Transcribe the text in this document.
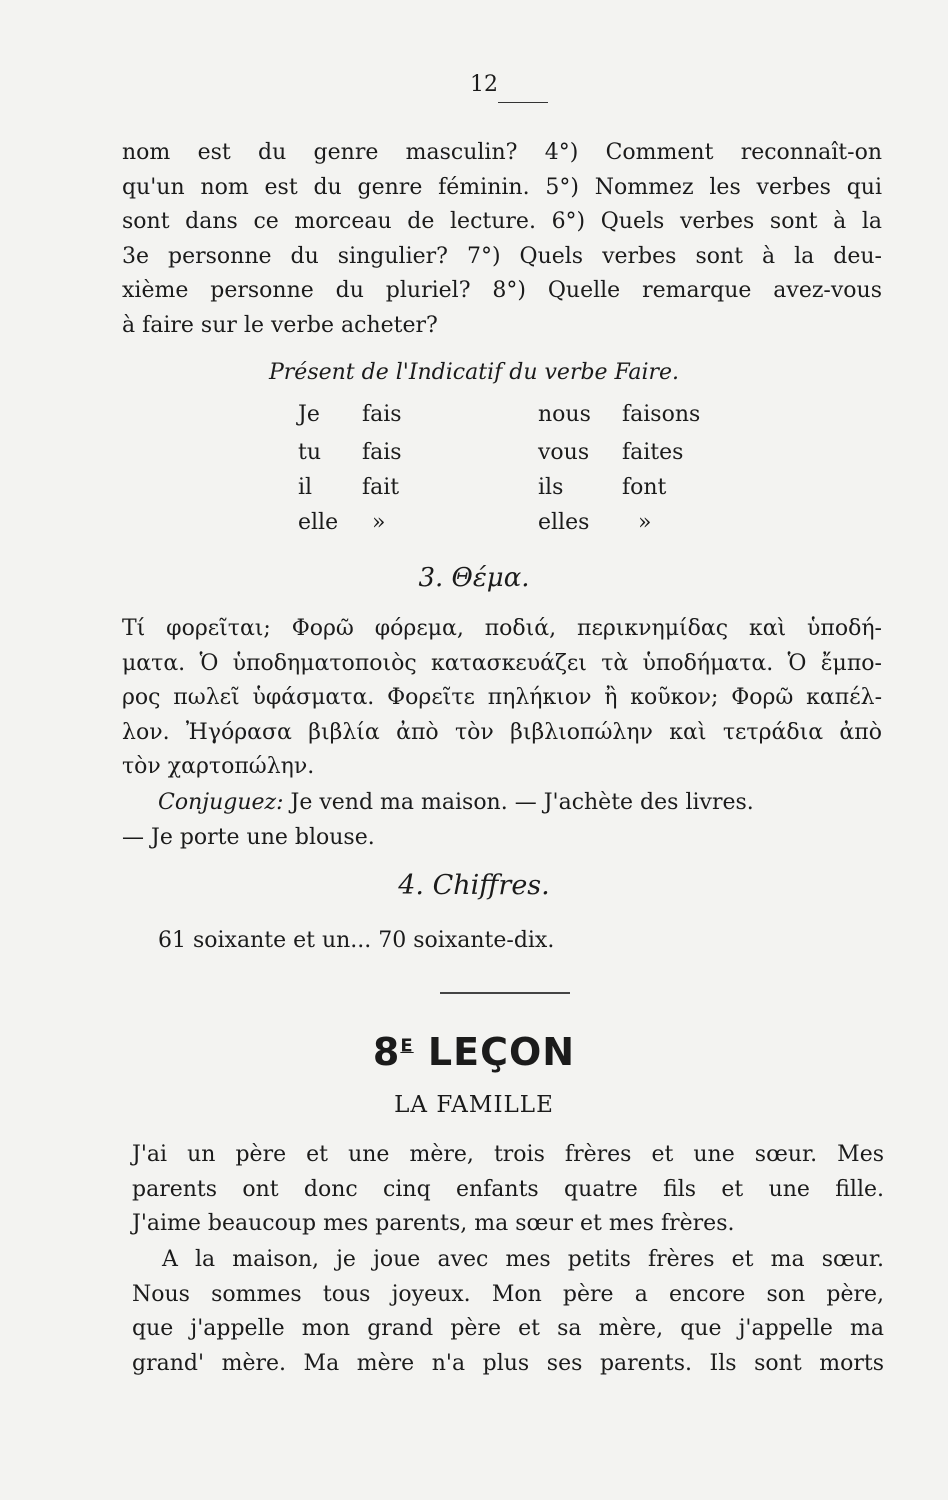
12

nom est du genre masculin? 4°) Comment reconnaît-on

qu'un nom est du genre féminin. 5°) Nommez les verbes qui

sont dans ce morceau de lecture. 6°) Quels verbes sont à la

3e personne du singulier? 7°) Quels verbes sont à la deu-

xième personne du pluriel? 8°) Quelle remarque avez-vous

à faire sur le verbe acheter?

Présent de l'Indicatif du verbe Faire.
Je fais	nous faisons
tu fais	vous faites
il fait	ils	font
elle »	elles »
3. Θέμα.

Τί φορεῖται; Φορῶ φόρεμα, ποδιά, περικνημίδας καὶ ὑποδή-

ματα. Ὁ ὑποδηματοποιὸς κατασκευάζει τὰ ὑποδήματα. Ὁ ἔμπο-

ρος πωλεῖ ὑφάσματα. Φορεῖτε πηλήκιον ἢ κοῦκον; Φορῶ καπέλ-

λον. Ἠγόρασα βιβλία ἀπὸ τὸν βιβλιοπώλην καὶ τετράδια ἀπὸ

τὸν χαρτοπώλην.

Conjuguez: Je vend ma maison. — J'achète des livres.

— Je porte une blouse.

4. Chiffres.
61 soixante et un... 70 soixante-dix.
$8^E$ LEÇON
LA FAMILLE

J'ai un père et une mère, trois frères et une sœur. Mes

parents ont donc cinq enfants quatre fils et une fille.

J'aime beaucoup mes parents, ma sœur et mes frères.

A la maison, je joue avec mes petits frères et ma sœur.

Nous sommes tous joyeux. Mon père a encore son père,

que j'appelle mon grand père et sa mère, que j'appelle ma

grand' mère. Ma mère n'a plus ses parents. Ils sont morts
